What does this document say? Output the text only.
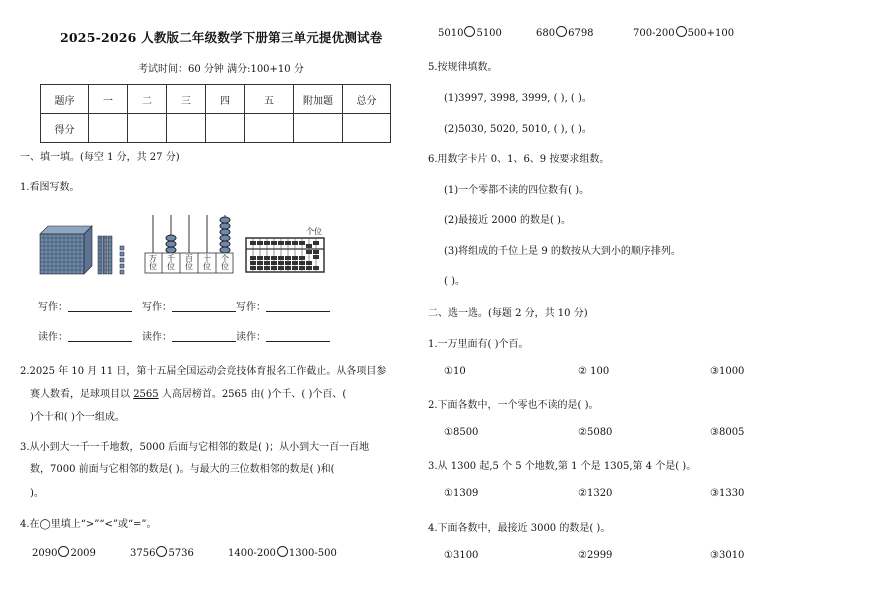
2025-2026 人教版二年级数学下册第三单元提优测试卷
考试时间：60 分钟 满分:100+10 分
题序	一	二	三	四	五	附加题	总分
得分							
一、填一填。(每空 1 分，共 27 分)
1.看图写数。
万位
千位
百位
十位
个位
个位
写作：	写作：	写作：
读作：	读作：	读作：
2.2025 年 10 月 11 日，第十五届全国运动会竞技体育报名工作截止。从各项目参
赛人数看，足球项目以 2565 人高居榜首。2565 由( )个千、( )个百、(
)个十和( )个一组成。
3.从小到大一千一千地数，5000 后面与它相邻的数是( )；从小到大一百一百地
数，7000 前面与它相邻的数是( )。与最大的三位数相邻的数是( )和(
)。
4.在◯里填上“>”“<”或“=”。
2090 2009	3756 5736	1400-200 1300-500
5010 5100	680 6798	700-200 500+100
5.按规律填数。
(1)3997, 3998, 3999, ( ), ( )。
(2)5030, 5020, 5010, ( ), ( )。
6.用数字卡片 0、1、6、9 按要求组数。
(1)一个零都不读的四位数有( )。
(2)最接近 2000 的数是( )。
(3)将组成的千位上是 9 的数按从大到小的顺序排列。
( )。
二、选一选。(每题 2 分，共 10 分)
1.一万里面有( )个百。
①10	② 100	③1000
2.下面各数中，一个零也不读的是( )。
①8500	②5080	③8005
3.从 1300 起,5 个 5 个地数,第 1 个是 1305,第 4 个是( )。
①1309	②1320	③1330
4.下面各数中，最接近 3000 的数是( )。
①3100	②2999	③3010
